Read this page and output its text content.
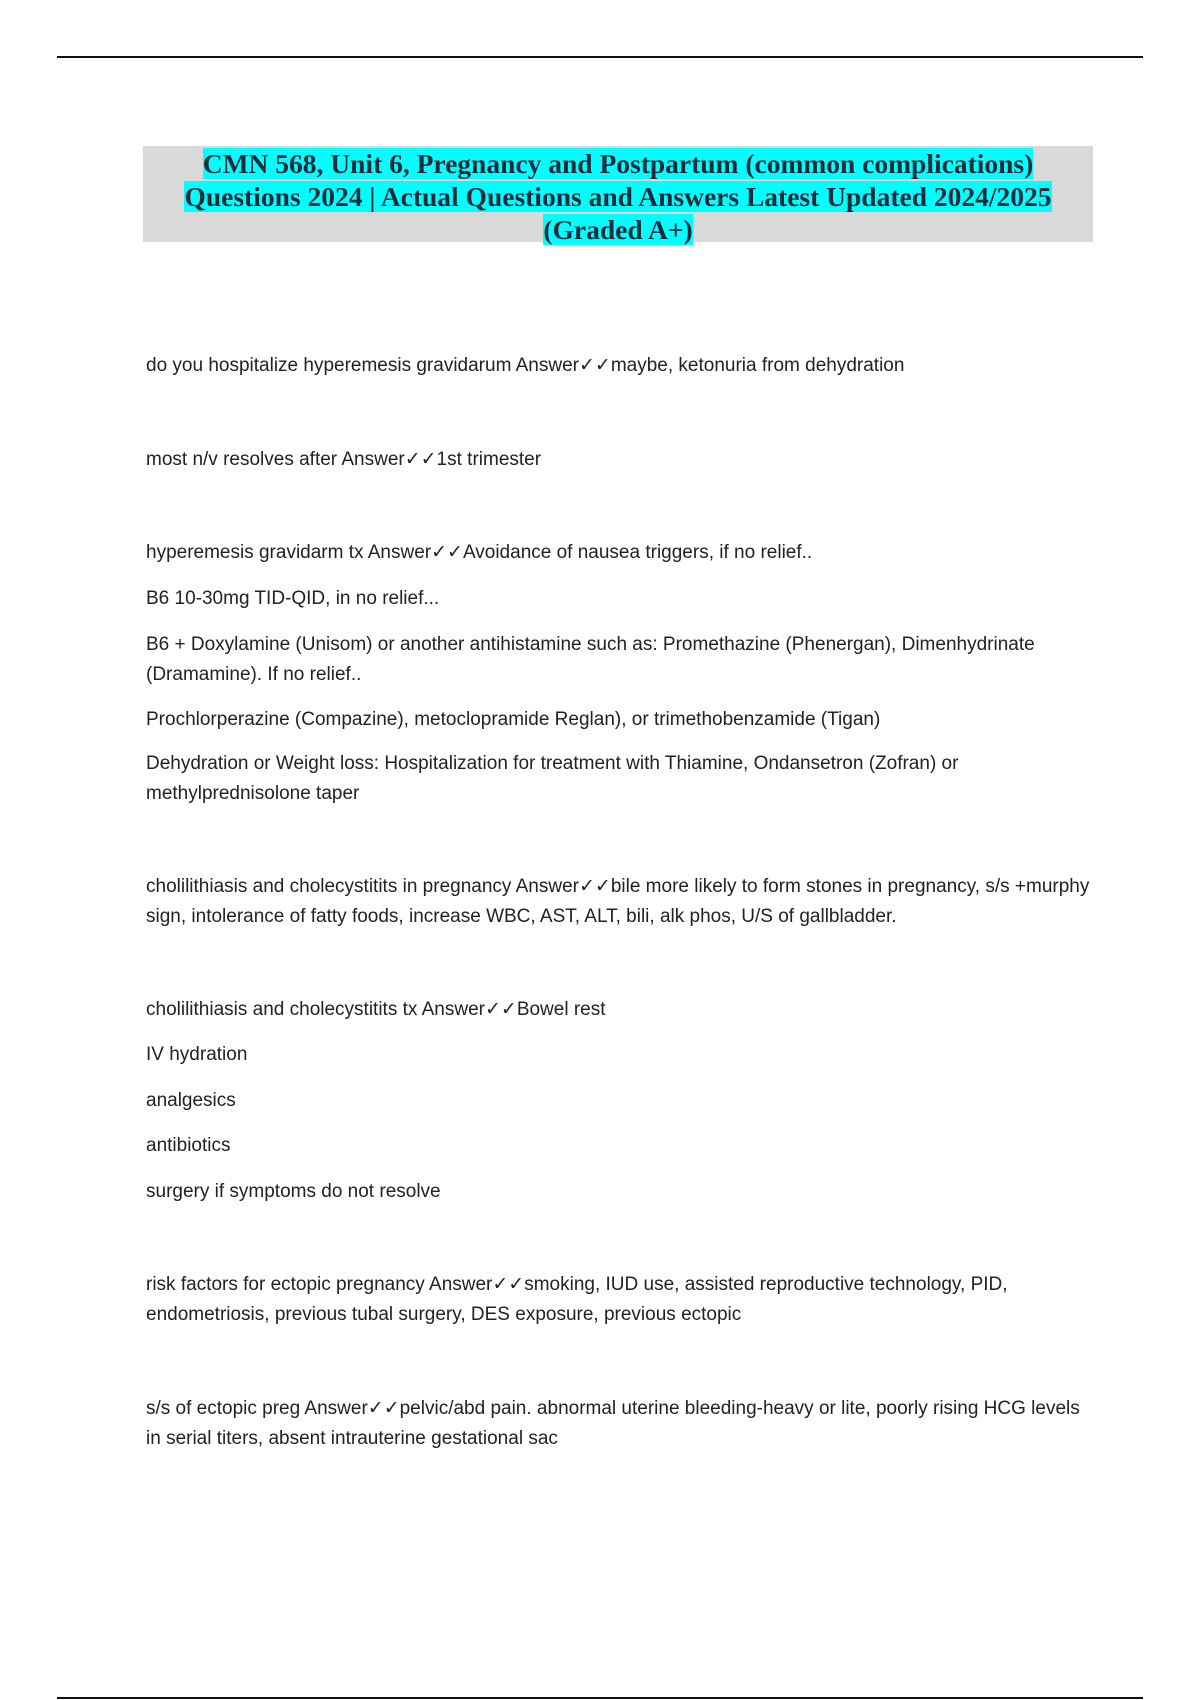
CMN 568, Unit 6, Pregnancy and Postpartum (common complications)
Questions 2024 | Actual Questions and Answers Latest Updated 2024/2025
(Graded A+)
do you hospitalize hyperemesis gravidarum Answer✓✓maybe, ketonuria from dehydration
most n/v resolves after Answer✓✓1st trimester
hyperemesis gravidarm tx Answer✓✓Avoidance of nausea triggers, if no relief..
B6 10-30mg TID-QID, in no relief...
B6 + Doxylamine (Unisom) or another antihistamine such as: Promethazine (Phenergan), Dimenhydrinate (Dramamine). If no relief..
Prochlorperazine (Compazine), metoclopramide Reglan), or trimethobenzamide (Tigan)
Dehydration or Weight loss: Hospitalization for treatment with Thiamine, Ondansetron (Zofran) or methylprednisolone taper
cholilithiasis and cholecystitits in pregnancy Answer✓✓bile more likely to form stones in pregnancy, s/s +murphy sign, intolerance of fatty foods, increase WBC, AST, ALT, bili, alk phos, U/S of gallbladder.
cholilithiasis and cholecystitits tx Answer✓✓Bowel rest
IV hydration
analgesics
antibiotics
surgery if symptoms do not resolve
risk factors for ectopic pregnancy Answer✓✓smoking, IUD use, assisted reproductive technology, PID, endometriosis, previous tubal surgery, DES exposure, previous ectopic
s/s of ectopic preg Answer✓✓pelvic/abd pain. abnormal uterine bleeding-heavy or lite, poorly rising HCG levels in serial titers, absent intrauterine gestational sac
